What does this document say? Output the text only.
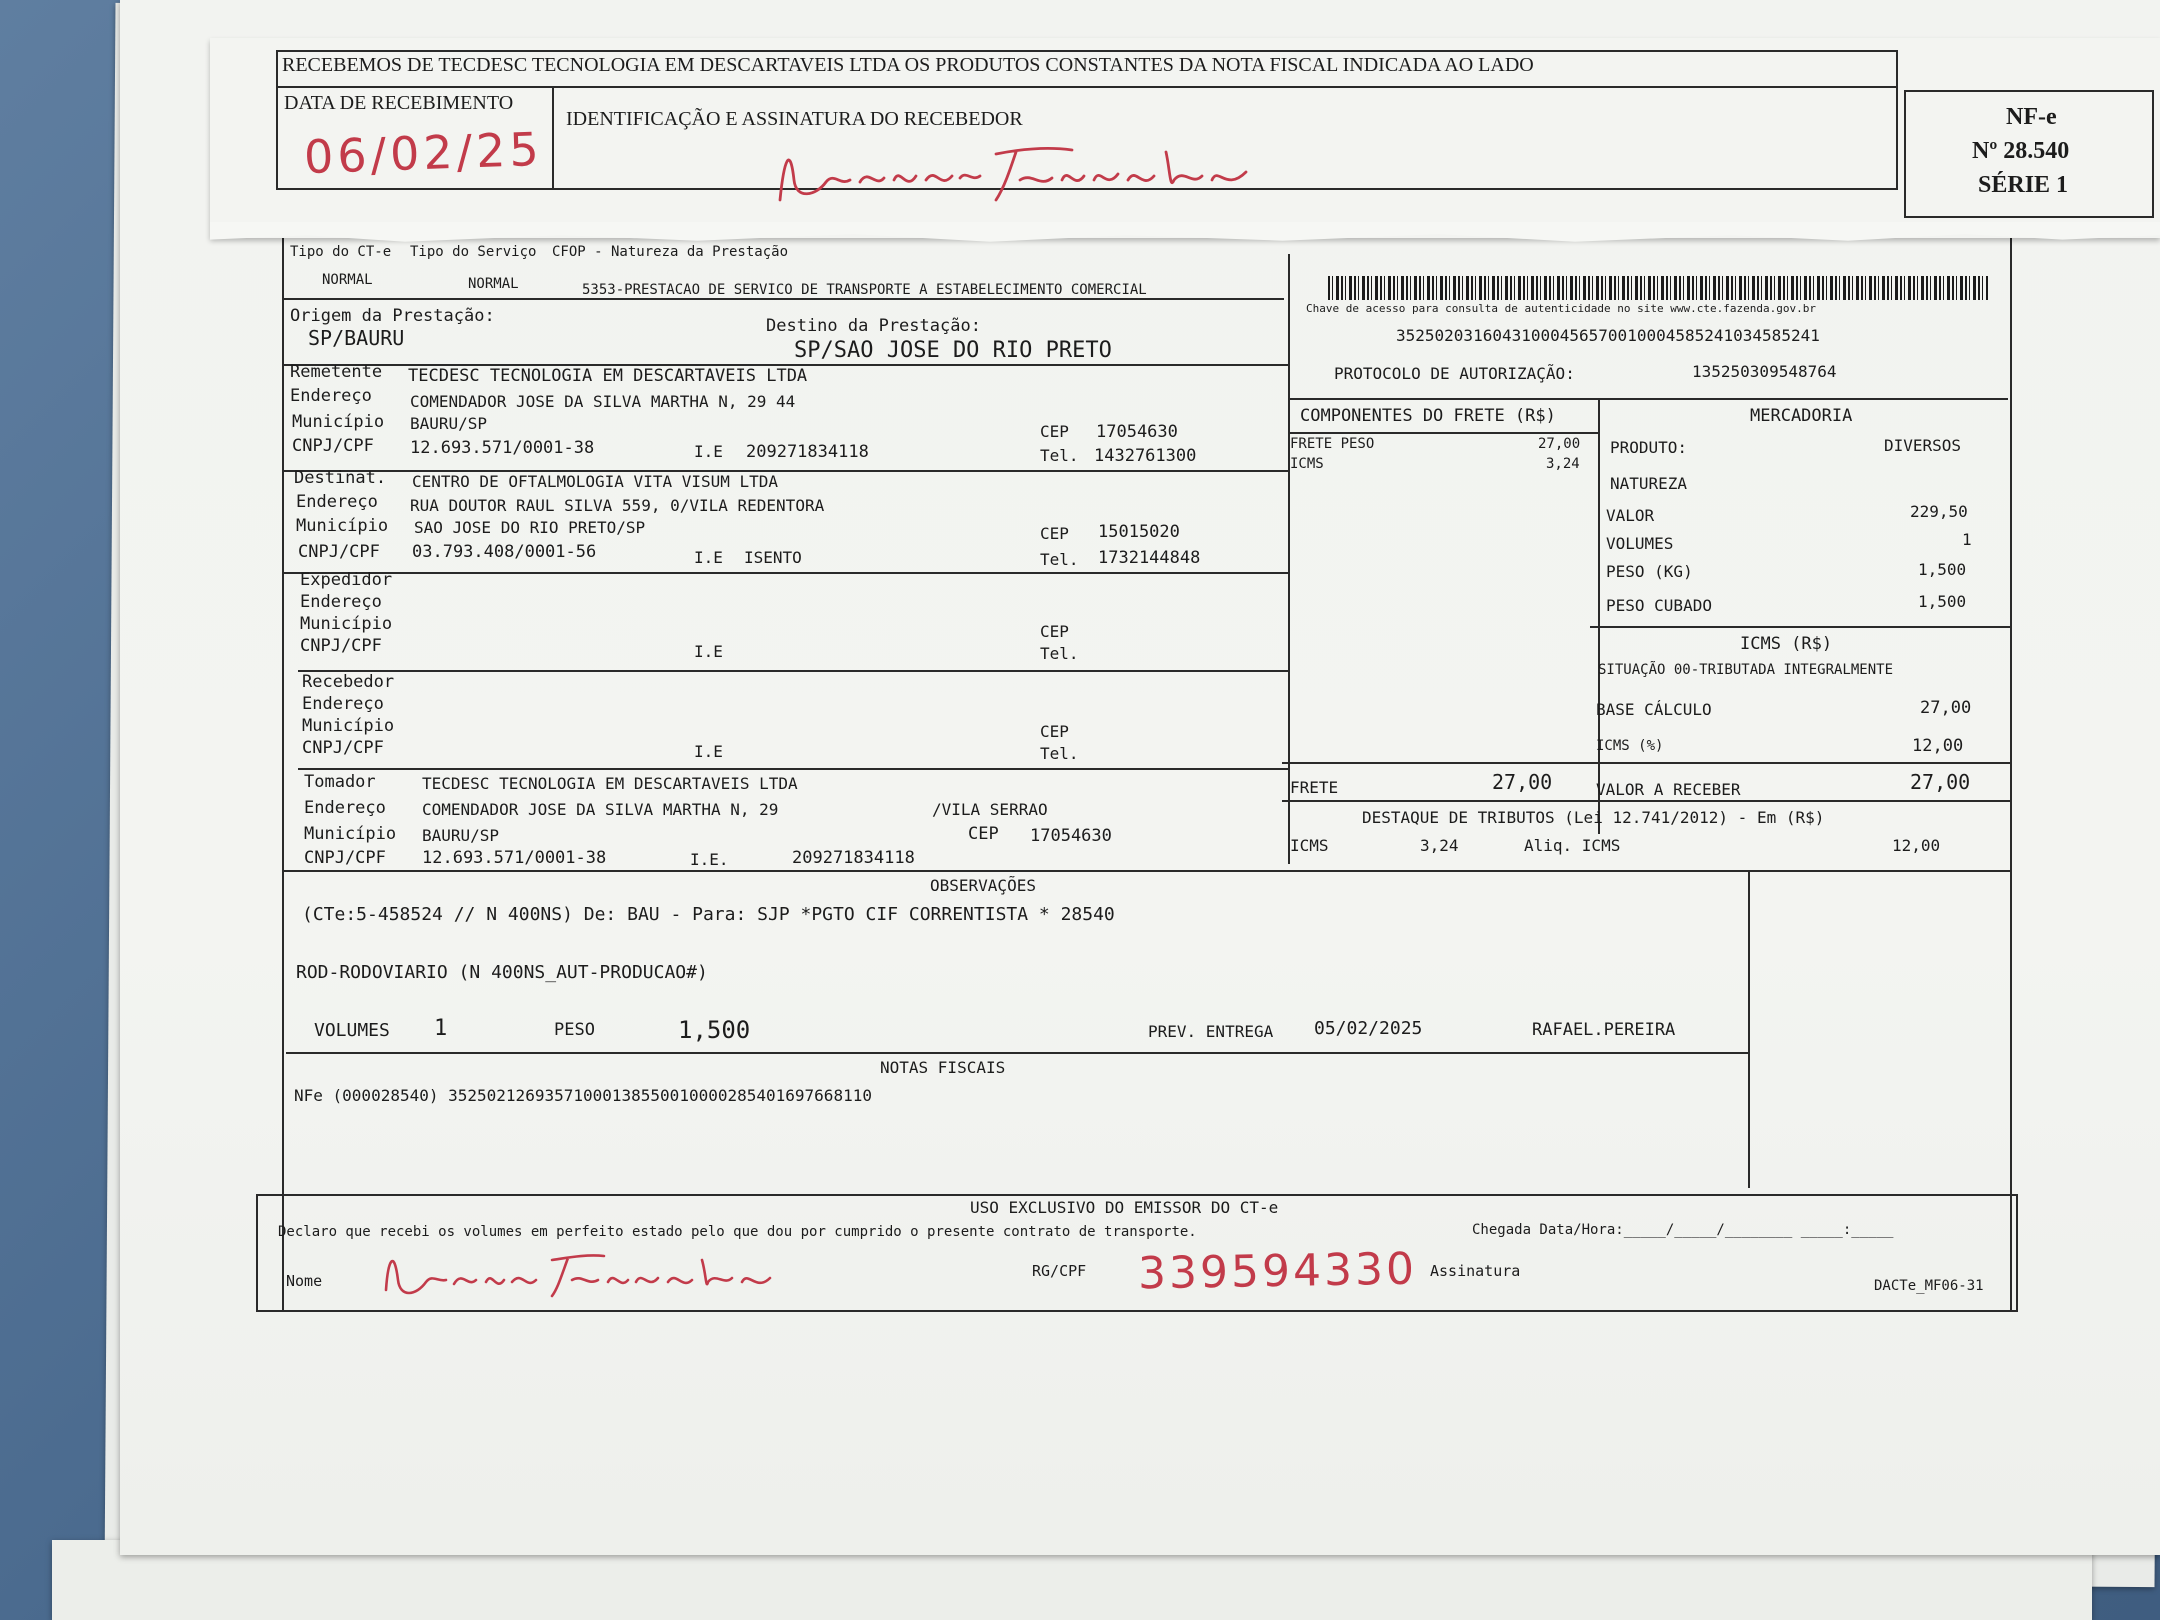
Tipo do CT-e Tipo do Serviço CFOP - Natureza da Prestação
NORMAL	NORMAL	5353-PRESTACAO DE SERVICO DE TRANSPORTE A ESTABELECIMENTO COMERCIAL
Chave de acesso para consulta de autenticidade no site www.cte.fazenda.gov.br
35250203160431000456570010004585241034585241
PROTOCOLO DE AUTORIZAÇÃO:	135250309548764
Origem da Prestação:
SP/BAURU	Destino da Prestação:
SP/SAO JOSE DO RIO PRETO
Remetente TECDESC TECNOLOGIA EM DESCARTAVEIS LTDA
Endereço COMENDADOR JOSE DA SILVA MARTHA N, 29 44
Município BAURU/SP
CNPJ/CPF 12.693.571/0001-38	I.E 209271834118
CEP 17054630
Tel. 1432761300
Destinat. CENTRO DE OFTALMOLOGIA VITA VISUM LTDA
Endereço RUA DOUTOR RAUL SILVA 559, 0/VILA REDENTORA
Município SAO JOSE DO RIO PRETO/SP
CNPJ/CPF 03.793.408/0001-56	I.E ISENTO
CEP 15015020
Tel. 1732144848
Expedidor
Endereço
Município
CNPJ/CPF	I.E
CEP
Tel.
Recebedor
Endereço
Município
CNPJ/CPF	I.E
CEP
Tel.
Tomador	TECDESC TECNOLOGIA EM DESCARTAVEIS LTDA
Endereço COMENDADOR JOSE DA SILVA MARTHA N, 29	/VILA SERRAO
Município BAURU/SP	CEP 17054630
CNPJ/CPF 12.693.571/0001-38	I.E.	209271834118
COMPONENTES DO FRETE (R$)
FRETE PESO	27,00
ICMS	3,24
FRETE	27,00
MERCADORIA
PRODUTO:	DIVERSOS
NATUREZA
VALOR	229,50
VOLUMES	1
PESO (KG)	1,500
PESO CUBADO	1,500
ICMS (R$)
SITUAÇÃO 00-TRIBUTADA INTEGRALMENTE
BASE CÁLCULO	27,00
ICMS (%)	12,00
VALOR A RECEBER	27,00
DESTAQUE DE TRIBUTOS (Lei 12.741/2012) - Em (R$)
ICMS	3,24	Aliq. ICMS	12,00
OBSERVAÇÕES
(CTe:5-458524 // N 400NS) De: BAU - Para: SJP *PGTO CIF CORRENTISTA * 28540
ROD-RODOVIARIO (N 400NS_AUT-PRODUCAO#)
VOLUMES 1	PESO	1,500	PREV. ENTREGA 05/02/2025	RAFAEL.PEREIRA
NOTAS FISCAIS
NFe (000028540) 35250212693571000138550010000285401697668110
USO EXCLUSIVO DO EMISSOR DO CT-e
Declaro que recebi os volumes em perfeito estado pelo que dou por cumprido o presente contrato de transporte.	Chegada Data/Hora:_____/_____/________ _____:_____
Nome
RG/CPF	Assinatura
DACTe_MF06-31
339594330
RECEBEMOS DE TECDESC TECNOLOGIA EM DESCARTAVEIS LTDA OS PRODUTOS CONSTANTES DA NOTA FISCAL INDICADA AO LADO
DATA DE RECEBIMENTO
IDENTIFICAÇÃO E ASSINATURA DO RECEBEDOR
06/02/25
NF-e
Nº 28.540
SÉRIE 1
